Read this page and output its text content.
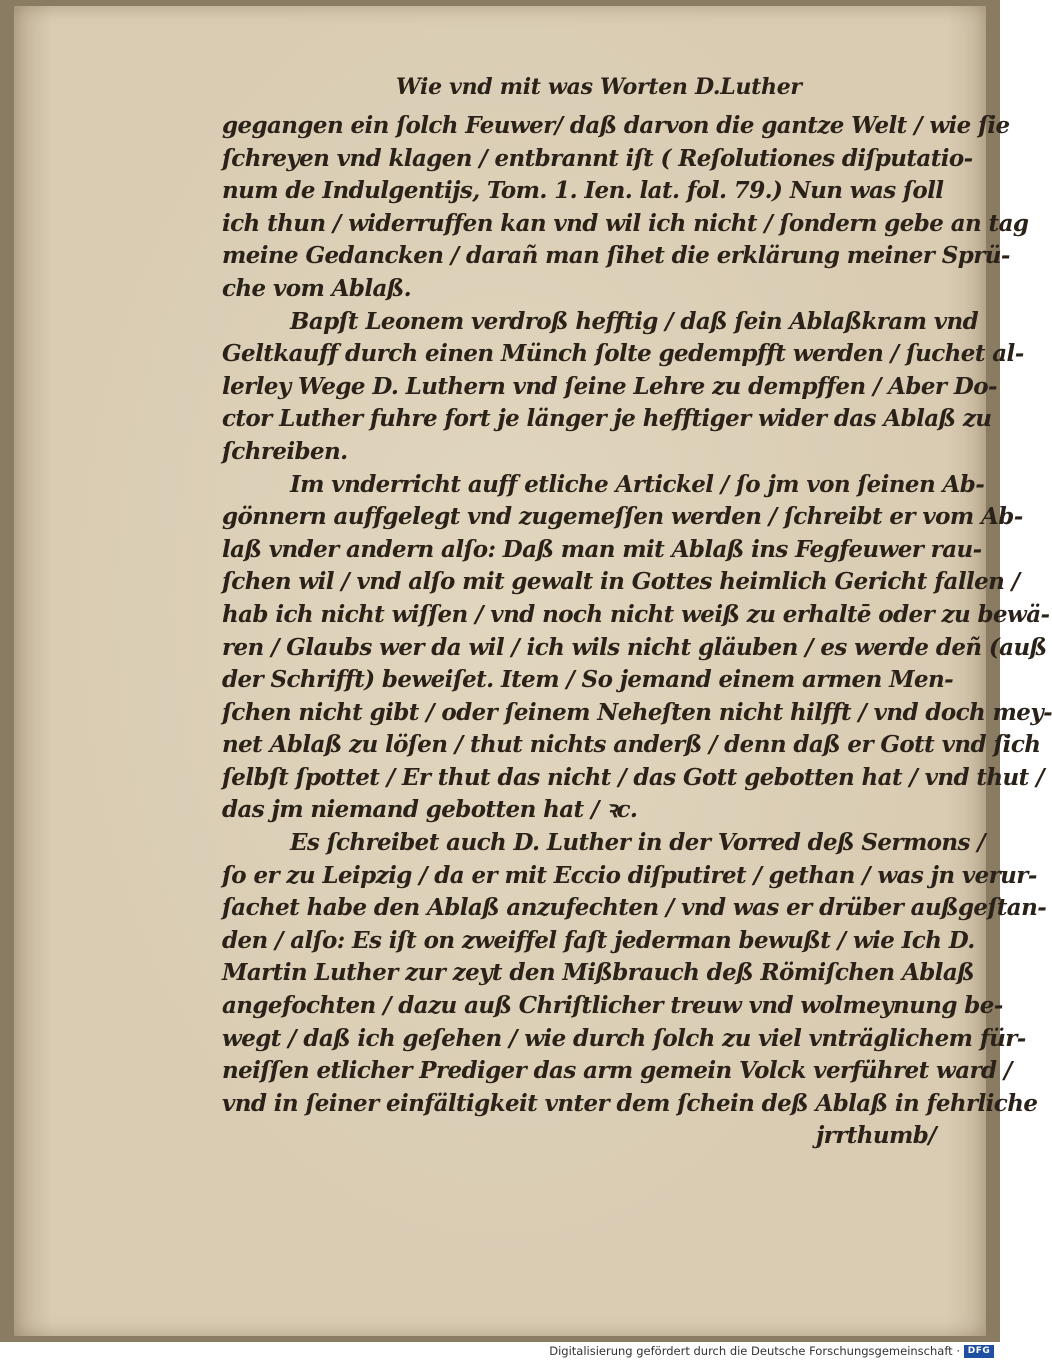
Wie vnd mit was Worten D.Luther
gegangen ein ſolch Feuwer/ daß darvon die gantze Welt / wie ſie
ſchreyen vnd klagen / entbrannt iſt ( Reſolutiones diſputatio-
num de Indulgentijs, Tom. 1. Ien. lat. fol. 79.) Nun was ſoll
ich thun / widerruffen kan vnd wil ich nicht / ſondern gebe an tag
meine Gedancken / darañ man ſihet die erklärung meiner Sprü-
che vom Ablaß.
Bapſt Leonem verdroß hefftig / daß ſein Ablaßkram vnd
Geltkauff durch einen Münch ſolte gedempfft werden / ſuchet al-
lerley Wege D. Luthern vnd ſeine Lehre zu dempffen / Aber Do-
ctor Luther fuhre fort je länger je hefftiger wider das Ablaß zu
ſchreiben.
Im vnderricht auff etliche Artickel / ſo jm von ſeinen Ab-
gönnern auffgelegt vnd zugemeſſen werden / ſchreibt er vom Ab-
laß vnder andern alſo: Daß man mit Ablaß ins Fegfeuwer rau-
ſchen wil / vnd alſo mit gewalt in Gottes heimlich Gericht fallen /
hab ich nicht wiſſen / vnd noch nicht weiß zu erhaltē oder zu bewä-
ren / Glaubs wer da wil / ich wils nicht gläuben / es werde deñ (auß
der Schrifft) beweiſet. Item / So jemand einem armen Men-
ſchen nicht gibt / oder ſeinem Neheſten nicht hilfft / vnd doch mey-
net Ablaß zu löſen / thut nichts anderß / denn daß er Gott vnd ſich
ſelbſt ſpottet / Er thut das nicht / das Gott gebotten hat / vnd thut /
das jm niemand gebotten hat / ꝛc.
Es ſchreibet auch D. Luther in der Vorred deß Sermons /
ſo er zu Leipzig / da er mit Eccio diſputiret / gethan / was jn verur-
ſachet habe den Ablaß anzufechten / vnd was er drüber außgeſtan-
den / alſo: Es iſt on zweiffel faſt jederman bewußt / wie Ich D.
Martin Luther zur zeyt den Mißbrauch deß Römiſchen Ablaß
angefochten / dazu auß Chriſtlicher treuw vnd wolmeynung be-
wegt / daß ich geſehen / wie durch ſolch zu viel vnträglichem für-
neiſſen etlicher Prediger das arm gemein Volck verführet ward /
vnd in ſeiner einfältigkeit vnter dem ſchein deß Ablaß in fehrliche
jrrthumb/
Digitalisierung gefördert durch die Deutsche Forschungsgemeinschaft · DFG
